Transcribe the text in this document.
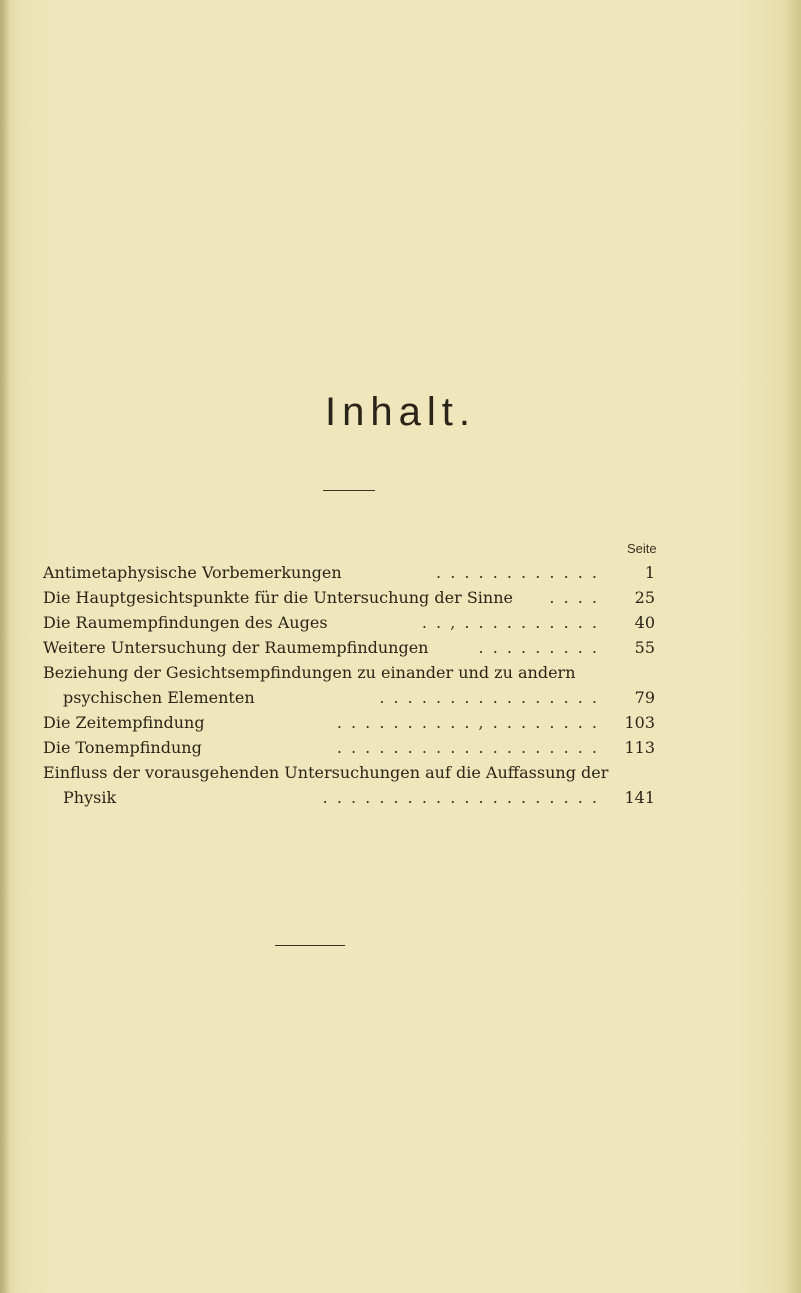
Inhalt.
Seite
Antimetaphysische Vorbemerkungen	. . . . . . . . . . . .	1
Die Hauptgesichtspunkte für die Untersuchung der Sinne . . . .	25
Die Raumempfindungen des Auges	. . , . . . . . . . . . .	40
Weitere Untersuchung der Raumempfindungen	. . . . . . . . .	55
Beziehung der Gesichtsempfindungen zu einander und zu andern
psychischen Elementen	. . . . . . . . . . . . . . . .	79
Die Zeitempfindung	. . . . . . . . . . , . . . . . . . .	103
Die Tonempfindung	. . . . . . . . . . . . . . . . . . .	113
Einfluss der vorausgehenden Untersuchungen auf die Auffassung der
Physik	. . . . . . . . . . . . . . . . . . . .	141
